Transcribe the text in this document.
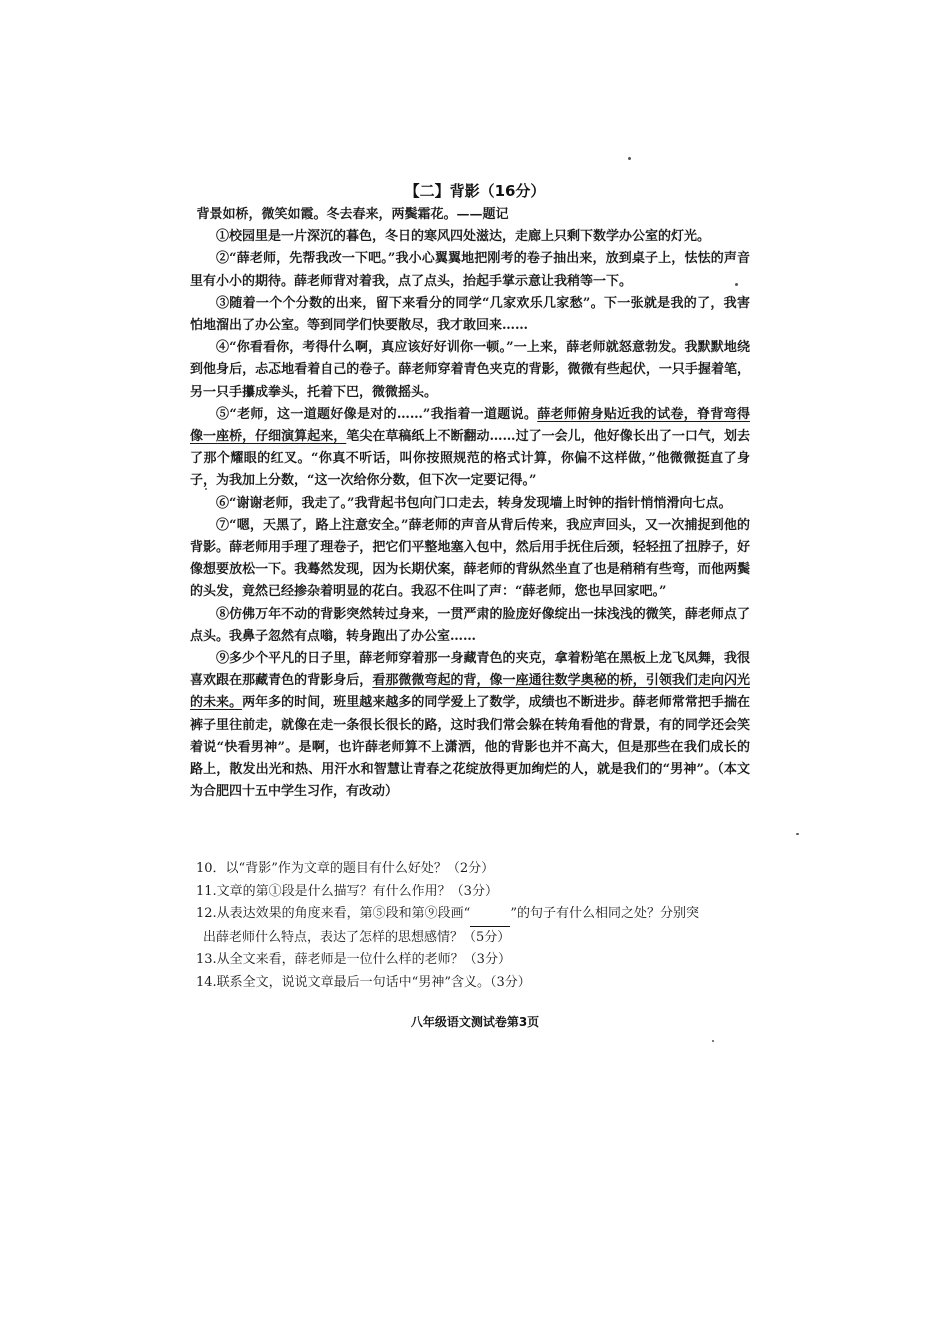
【二】背影（16分）

背景如桥，微笑如霞。冬去春来，两鬓霜花。——题记

①校园里是一片深沉的暮色，冬日的寒风四处滋达，走廊上只剩下数学办公室的灯光。

②“薛老师，先帮我改一下吧。”我小心翼翼地把刚考的卷子抽出来，放到桌子上，怯怯的声音里有小小的期待。薛老师背对着我，点了点头，抬起手掌示意让我稍等一下。

③随着一个个分数的出来，留下来看分的同学“几家欢乐几家愁”。下一张就是我的了，我害怕地溜出了办公室。等到同学们快要散尽，我才敢回来……

④“你看看你，考得什么啊，真应该好好训你一顿。”一上来，薛老师就怒意勃发。我默默地绕到他身后，忐忑地看着自己的卷子。薛老师穿着青色夹克的背影，微微有些起伏，一只手握着笔，另一只手攥成拳头，托着下巴，微微摇头。

⑤“老师，这一道题好像是对的……”我指着一道题说。薛老师俯身贴近我的试卷，脊背弯得像一座桥，仔细演算起来，笔尖在草稿纸上不断翻动……过了一会儿，他好像长出了一口气，划去了那个耀眼的红叉。“你真不听话，叫你按照规范的格式计算，你偏不这样做，”他微微挺直了身子，为我加上分数，“这一次给你分数，但下次一定要记得。”

⑥“谢谢老师，我走了。”我背起书包向门口走去，转身发现墙上时钟的指针悄悄滑向七点。

⑦“嗯，天黑了，路上注意安全。”薛老师的声音从背后传来，我应声回头，又一次捕捉到他的背影。薛老师用手理了理卷子，把它们平整地塞入包中，然后用手抚住后颈，轻轻扭了扭脖子，好像想要放松一下。我蓦然发现，因为长期伏案，薛老师的背纵然坐直了也是稍稍有些弯，而他两鬓的头发，竟然已经掺杂着明显的花白。我忍不住叫了声：“薛老师，您也早回家吧。”

⑧仿佛万年不动的背影突然转过身来，一贯严肃的脸庞好像绽出一抹浅浅的微笑，薛老师点了点头。我鼻子忽然有点嗡，转身跑出了办公室……

⑨多少个平凡的日子里，薛老师穿着那一身藏青色的夹克，拿着粉笔在黑板上龙飞凤舞，我很喜欢跟在那藏青色的背影身后，看那微微弯起的背，像一座通往数学奥秘的桥，引领我们走向闪光的未来。两年多的时间，班里越来越多的同学爱上了数学，成绩也不断进步。薛老师常常把手揣在裤子里往前走，就像在走一条很长很长的路，这时我们常会躲在转角看他的背景，有的同学还会笑着说“快看男神”。是啊，也许薛老师算不上潇洒，他的背影也并不高大，但是那些在我们成长的路上，散发出光和热、用汗水和智慧让青春之花绽放得更加绚烂的人，就是我们的“男神”。（本文为合肥四十五中学生习作，有改动）

10．以“背影”作为文章的题目有什么好处？（2分）

11.文章的第①段是什么描写？有什么作用？（3分）

12.从表达效果的角度来看，第⑤段和第⑨段画“	”的句子有什么相同之处？分别突
出薛老师什么特点，表达了怎样的思想感情？（5分）

13.从全文来看，薛老师是一位什么样的老师？（3分）

14.联系全文，说说文章最后一句话中“男神”含义。（3分）

八年级语文测试卷第3页
